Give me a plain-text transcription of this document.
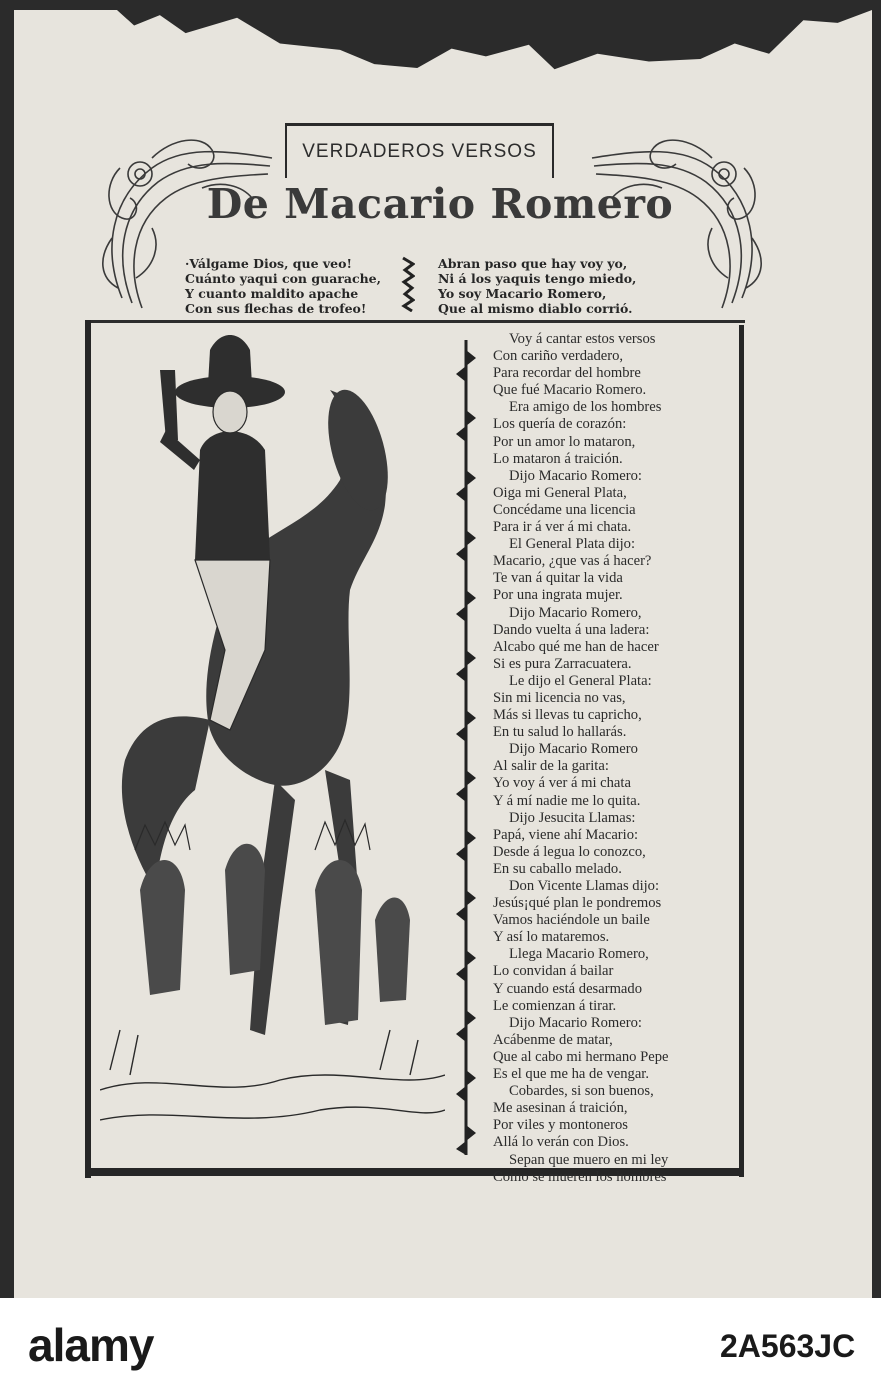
VERDADEROS VERSOS
De Macario Romero
·Válgame Dios, que veo!
Cuánto yaqui con guarache,
Y cuanto maldito apache
Con sus flechas de trofeo!
Abran paso que hay voy yo,
Ni á los yaquis tengo miedo,
Yo soy Macario Romero,
Que al mismo diablo corrió.
Voy á cantar estos versos
Con cariño verdadero,
Para recordar del hombre
Que fué Macario Romero.
Era amigo de los hombres
Los quería de corazón:
Por un amor lo mataron,
Lo mataron á traición.
Dijo Macario Romero:
Oiga mi General Plata,
Concédame una licencia
Para ir á ver á mi chata.
El General Plata dijo:
Macario, ¿que vas á hacer?
Te van á quitar la vida
Por una ingrata mujer.
Dijo Macario Romero,
Dando vuelta á una ladera:
Alcabo qué me han de hacer
Si es pura Zarracuatera.
Le dijo el General Plata:
Sin mi licencia no vas,
Más si llevas tu capricho,
En tu salud lo hallarás.
Dijo Macario Romero
Al salir de la garita:
Yo voy á ver á mi chata
Y á mí nadie me lo quita.
Dijo Jesucita Llamas:
Papá, viene ahí Macario:
Desde á legua lo conozco,
En su caballo melado.
Don Vicente Llamas dijo:
Jesús¡qué plan le pondremos
Vamos haciéndole un baile
Y así lo mataremos.
Llega Macario Romero,
Lo convidan á bailar
Y cuando está desarmado
Le comienzan á tirar.
Dijo Macario Romero:
Acábenme de matar,
Que al cabo mi hermano Pepe
Es el que me ha de vengar.
Cobardes, si son buenos,
Me asesinan á traición,
Por viles y montoneros
Allá lo verán con Dios.
Sepan que muero en mi ley
Como se mueren los hombres
alamy	2A563JC
